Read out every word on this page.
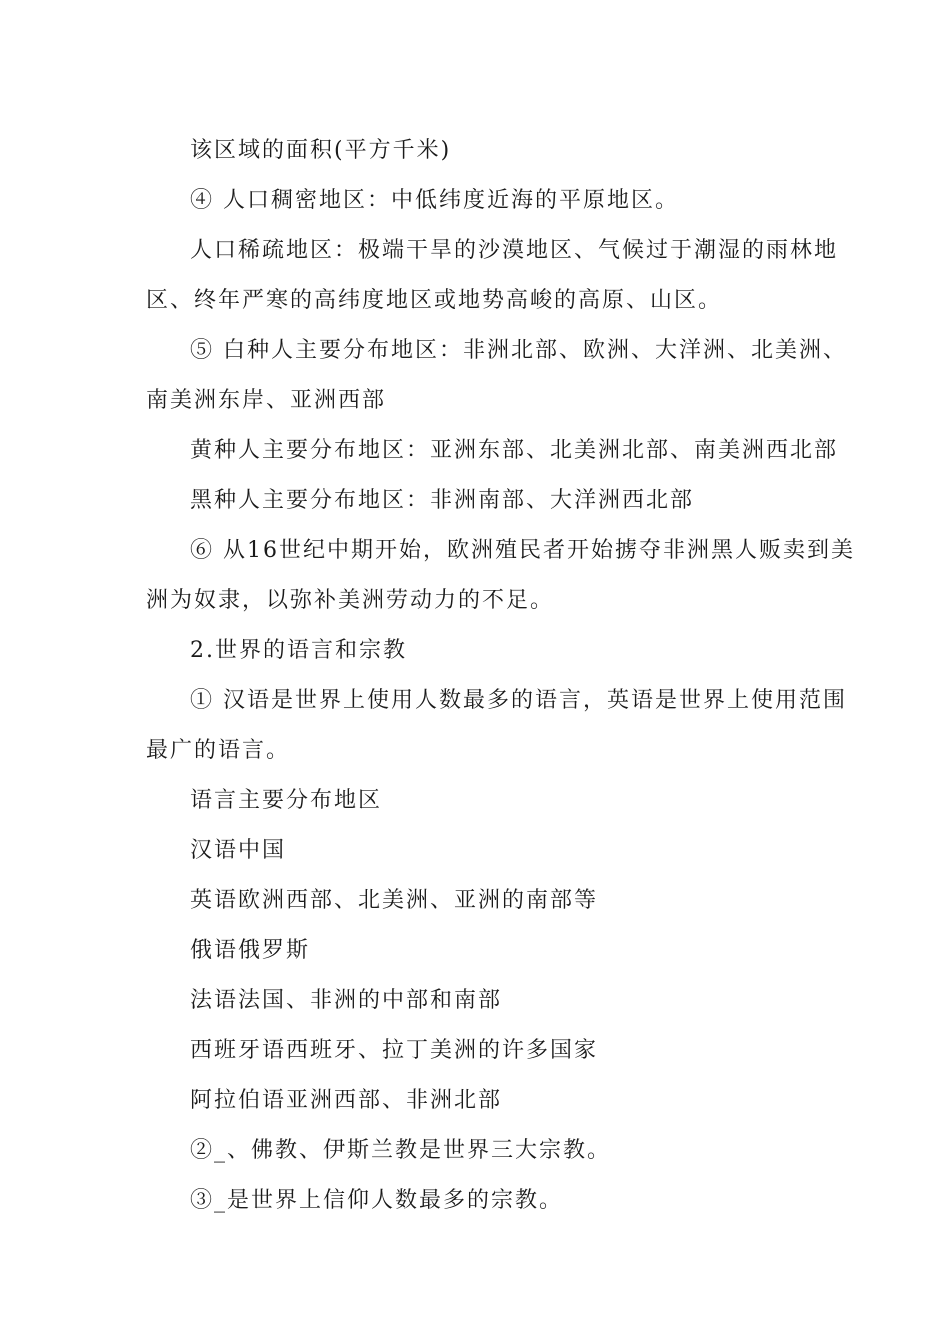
该区域的面积(平方千米)
④ 人口稠密地区：中低纬度近海的平原地区。
人口稀疏地区：极端干旱的沙漠地区、气候过于潮湿的雨林地
区、终年严寒的高纬度地区或地势高峻的高原、山区。
⑤ 白种人主要分布地区：非洲北部、欧洲、大洋洲、北美洲、
南美洲东岸、亚洲西部
黄种人主要分布地区：亚洲东部、北美洲北部、南美洲西北部
黑种人主要分布地区：非洲南部、大洋洲西北部
⑥ 从16世纪中期开始，欧洲殖民者开始掳夺非洲黑人贩卖到美
洲为奴隶，以弥补美洲劳动力的不足。
2.世界的语言和宗教
① 汉语是世界上使用人数最多的语言，英语是世界上使用范围
最广的语言。
语言主要分布地区
汉语中国
英语欧洲西部、北美洲、亚洲的南部等
俄语俄罗斯
法语法国、非洲的中部和南部
西班牙语西班牙、拉丁美洲的许多国家
阿拉伯语亚洲西部、非洲北部
②_、佛教、伊斯兰教是世界三大宗教。
③_是世界上信仰人数最多的宗教。
